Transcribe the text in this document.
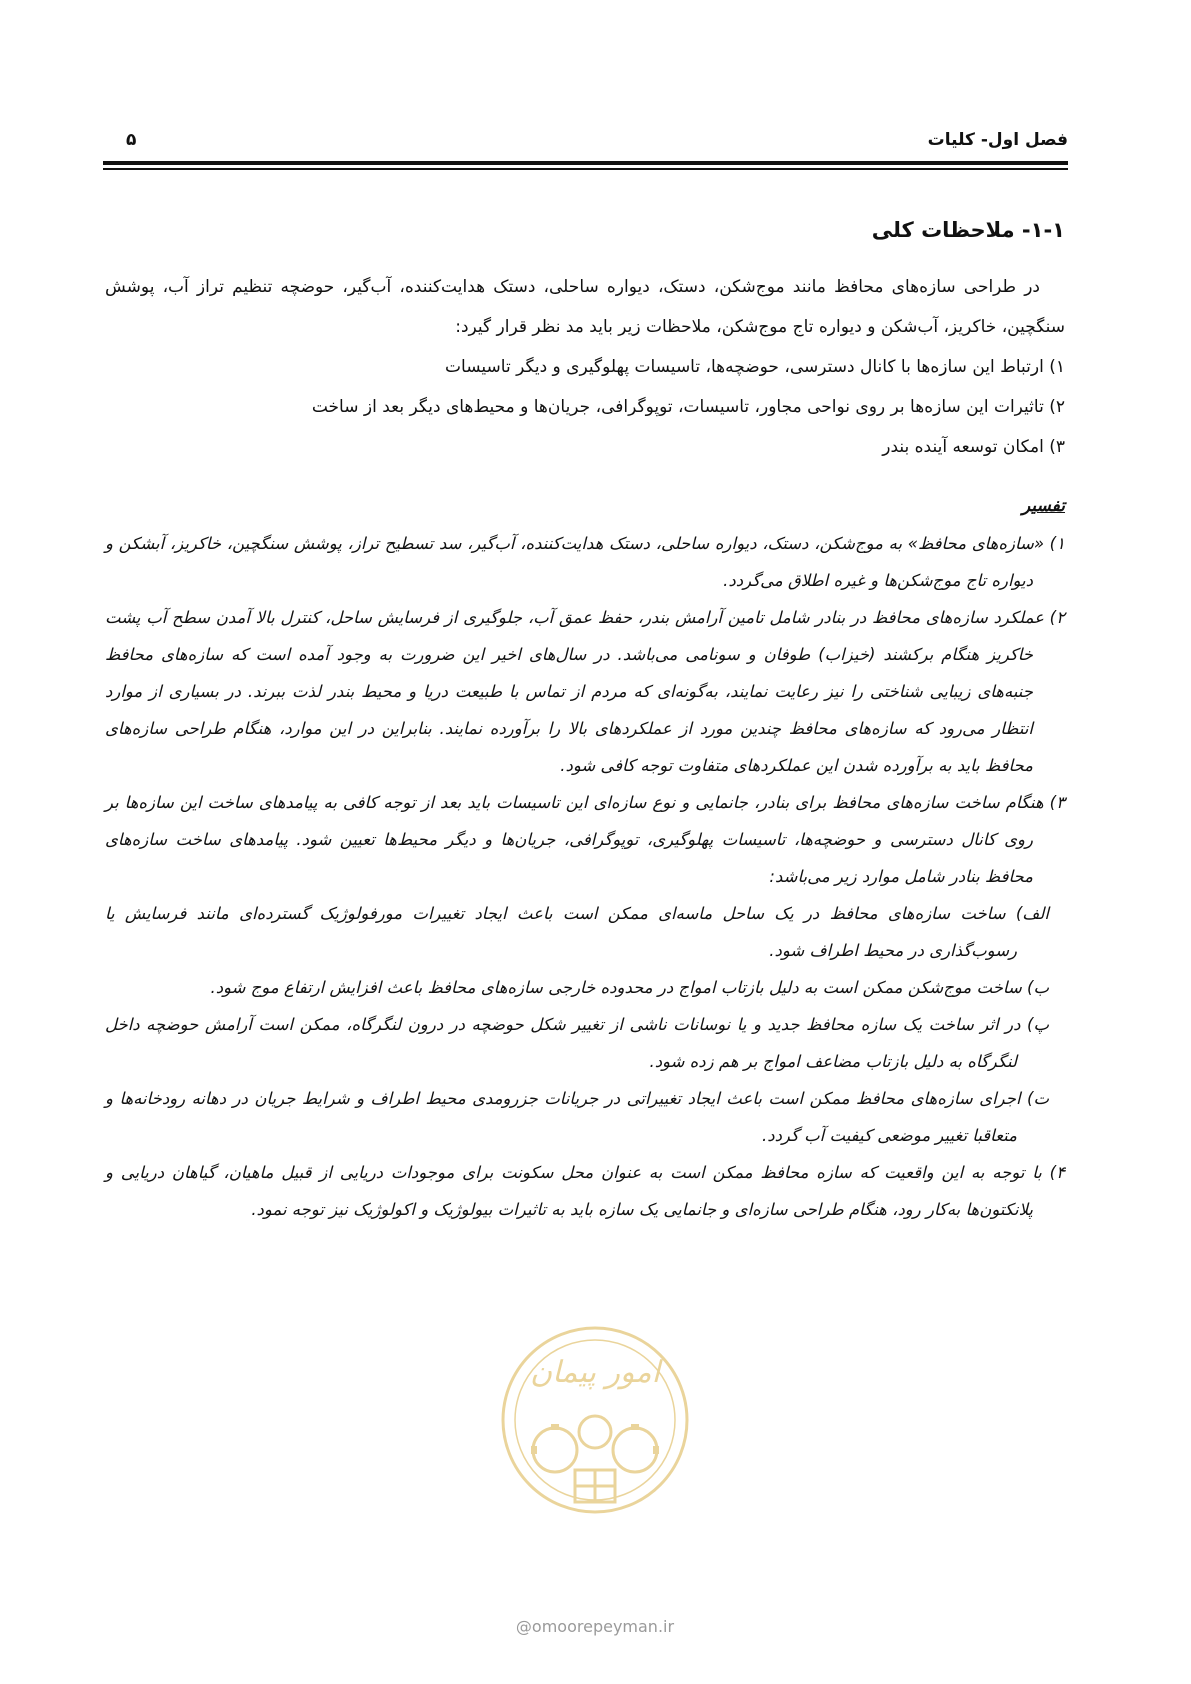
فصل اول- کلیات
۵
۱-۱- ملاحظات کلی

در طراحی سازه‌های محافظ مانند موج‌شکن، دستک، دیواره ساحلی، دستک هدایت‌کننده، آب‌گیر، حوضچه تنظیم تراز آب، پوشش سنگچین، خاکریز، آب‌شکن و دیواره تاج موج‌شکن، ملاحظات زیر باید مد نظر قرار گیرد:

۱) ارتباط این سازه‌ها با کانال دسترسی، حوضچه‌ها، تاسیسات پهلوگیری و دیگر تاسیسات

۲) تاثیرات این سازه‌ها بر روی نواحی مجاور، تاسیسات، توپوگرافی، جریان‌ها و محیط‌های دیگر بعد از ساخت

۳) امکان توسعه آینده بندر

تفسیر

۱) «سازه‌های محافظ» به موج‌شکن، دستک، دیواره ساحلی، دستک هدایت‌کننده، آب‌گیر، سد تسطیح تراز، پوشش سنگچین، خاکریز، آبشکن و دیواره تاج موج‌شکن‌ها و غیره اطلاق می‌گردد.

۲) عملکرد سازه‌های محافظ در بنادر شامل تامین آرامش بندر، حفظ عمق آب، جلوگیری از فرسایش ساحل، کنترل بالا آمدن سطح آب پشت خاکریز هنگام برکشند (خیزاب) طوفان و سونامی می‌باشد. در سال‌های اخیر این ضرورت به وجود آمده است که سازه‌های محافظ جنبه‌های زیبایی شناختی را نیز رعایت نمایند، به‌گونه‌ای که مردم از تماس با طبیعت دریا و محیط بندر لذت ببرند. در بسیاری از موارد انتظار می‌رود که سازه‌های محافظ چندین مورد از عملکردهای بالا را برآورده نمایند. بنابراین در این موارد، هنگام طراحی سازه‌های محافظ باید به برآورده شدن این عملکردهای متفاوت توجه کافی شود.

۳) هنگام ساخت سازه‌های محافظ برای بنادر، جانمایی و نوع سازه‌ای این تاسیسات باید بعد از توجه کافی به پیامدهای ساخت این سازه‌ها بر روی کانال دسترسی و حوضچه‌ها، تاسیسات پهلوگیری، توپوگرافی، جریان‌ها و دیگر محیط‌ها تعیین شود. پیامدهای ساخت سازه‌های محافظ بنادر شامل موارد زیر می‌باشد:

الف) ساخت سازه‌های محافظ در یک ساحل ماسه‌ای ممکن است باعث ایجاد تغییرات مورفولوژیک گسترده‌ای مانند فرسایش یا رسوب‌گذاری در محیط اطراف شود.

ب) ساخت موج‌شکن ممکن است به دلیل بازتاب امواج در محدوده خارجی سازه‌های محافظ باعث افزایش ارتفاع موج شود.

پ) در اثر ساخت یک سازه محافظ جدید و یا نوسانات ناشی از تغییر شکل حوضچه در درون لنگرگاه، ممکن است آرامش حوضچه داخل لنگرگاه به دلیل بازتاب مضاعف امواج بر هم زده شود.

ت) اجرای سازه‌های محافظ ممکن است باعث ایجاد تغییراتی در جریانات جزرومدی محیط اطراف و شرایط جریان در دهانه رودخانه‌ها و متعاقبا تغییر موضعی کیفیت آب گردد.

۴) با توجه به این واقعیت که سازه محافظ ممکن است به عنوان محل سکونت برای موجودات دریایی از قبیل ماهیان، گیاهان دریایی و پلانکتون‌ها به‌کار رود، هنگام طراحی سازه‌ای و جانمایی یک سازه باید به تاثیرات بیولوژیک و اکولوژیک نیز توجه نمود.

امور پیمان
@omoorepeyman.ir
